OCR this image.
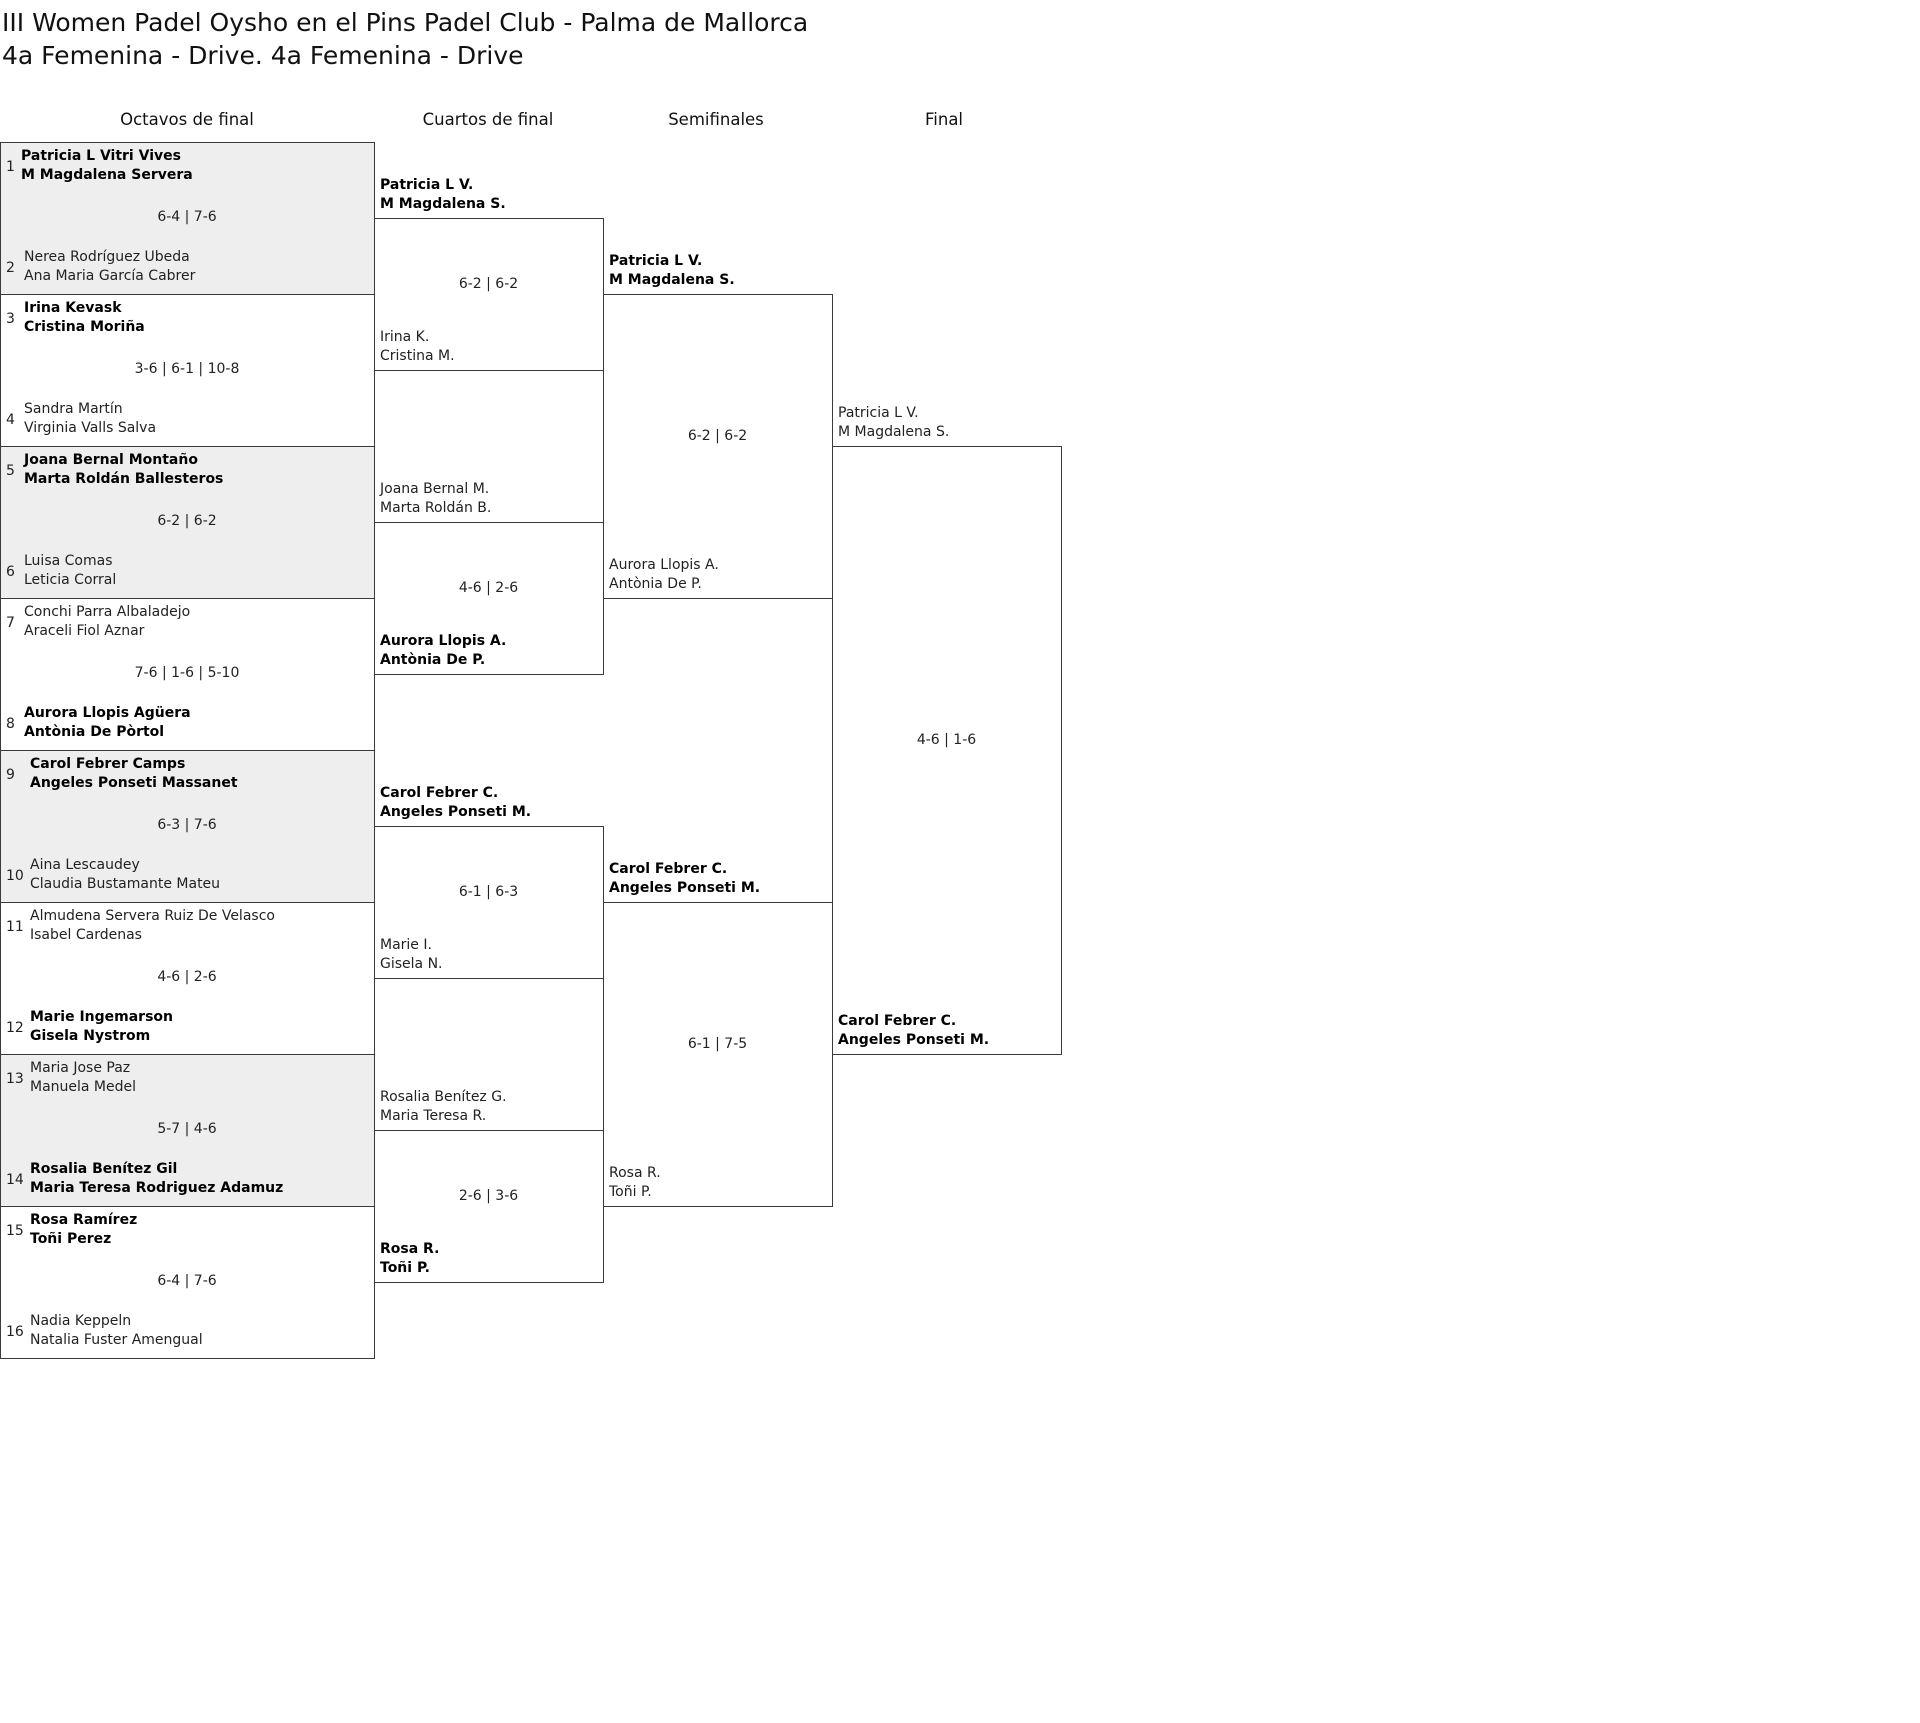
III Women Padel Oysho en el Pins Padel Club - Palma de Mallorca
4a Femenina - Drive. 4a Femenina - Drive
Octavos de final	Cuartos de final	Semifinales	Final
1
Patricia L Vitri Vives
M Magdalena Servera
6-4 | 7-6
2
Nerea Rodríguez Ubeda
Ana Maria García Cabrer
3
Irina Kevask
Cristina Moriña
3-6 | 6-1 | 10-8
4
Sandra Martín
Virginia Valls Salva
5
Joana Bernal Montaño
Marta Roldán Ballesteros
6-2 | 6-2
6
Luisa Comas
Leticia Corral
7
Conchi Parra Albaladejo
Araceli Fiol Aznar
7-6 | 1-6 | 5-10
8
Aurora Llopis Agüera
Antònia De Pòrtol
9
Carol Febrer Camps
Angeles Ponseti Massanet
6-3 | 7-6
10
Aina Lescaudey
Claudia Bustamante Mateu
11
Almudena Servera Ruiz De Velasco
Isabel Cardenas
4-6 | 2-6
12
Marie Ingemarson
Gisela Nystrom
13
Maria Jose Paz
Manuela Medel
5-7 | 4-6
14
Rosalia Benítez Gil
Maria Teresa Rodriguez Adamuz
15
Rosa Ramírez
Toñi Perez
6-4 | 7-6
16
Nadia Keppeln
Natalia Fuster Amengual
Patricia L V.
M Magdalena S.
6-2 | 6-2
Irina K.
Cristina M.
Joana Bernal M.
Marta Roldán B.
4-6 | 2-6
Aurora Llopis A.
Antònia De P.
Carol Febrer C.
Angeles Ponseti M.
6-1 | 6-3
Marie I.
Gisela N.
Rosalia Benítez G.
Maria Teresa R.
2-6 | 3-6
Rosa R.
Toñi P.
Patricia L V.
M Magdalena S.
6-2 | 6-2
Aurora Llopis A.
Antònia De P.
Carol Febrer C.
Angeles Ponseti M.
6-1 | 7-5
Rosa R.
Toñi P.
Patricia L V.
M Magdalena S.
4-6 | 1-6
Carol Febrer C.
Angeles Ponseti M.
